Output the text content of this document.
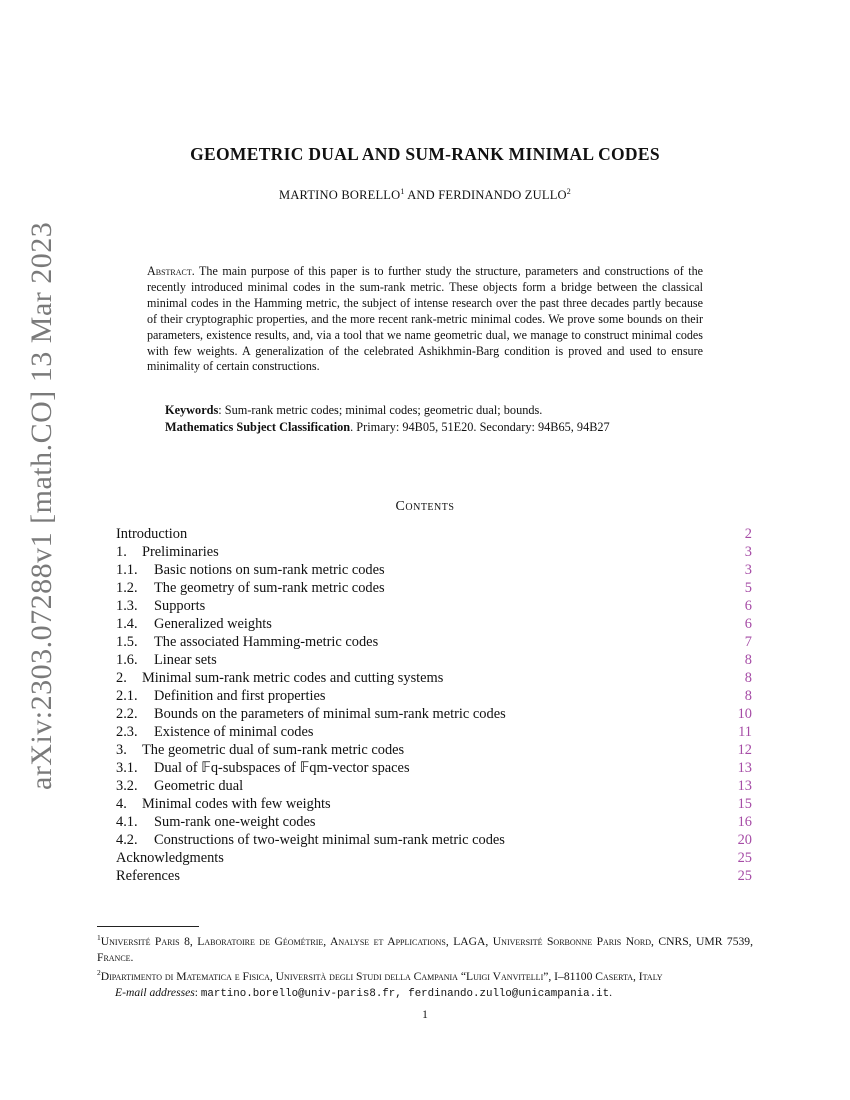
arXiv:2303.07288v1 [math.CO] 13 Mar 2023
GEOMETRIC DUAL AND SUM-RANK MINIMAL CODES
MARTINO BORELLO$^1$ AND FERDINANDO ZULLO$^2$
Abstract. The main purpose of this paper is to further study the structure, parameters and constructions of the recently introduced minimal codes in the sum-rank metric. These objects form a bridge between the classical minimal codes in the Hamming metric, the subject of intense research over the past three decades partly because of their cryptographic properties, and the more recent rank-metric minimal codes. We prove some bounds on their parameters, existence results, and, via a tool that we name geometric dual, we manage to construct minimal codes with few weights. A generalization of the celebrated Ashikhmin-Barg condition is proved and used to ensure minimality of certain constructions.
Keywords: Sum-rank metric codes; minimal codes; geometric dual; bounds.
Mathematics Subject Classification. Primary: 94B05, 51E20. Secondary: 94B65, 94B27
Contents
Introduction	2
1. Preliminaries	3
1.1. Basic notions on sum-rank metric codes	3
1.2. The geometry of sum-rank metric codes	5
1.3. Supports	6
1.4. Generalized weights	6
1.5. The associated Hamming-metric codes	7
1.6. Linear sets	8
2. Minimal sum-rank metric codes and cutting systems	8
2.1. Definition and first properties	8
2.2. Bounds on the parameters of minimal sum-rank metric codes	10
2.3. Existence of minimal codes	11
3. The geometric dual of sum-rank metric codes	12
3.1. Dual of 𝔽q-subspaces of 𝔽qm-vector spaces	13
3.2. Geometric dual	13
4. Minimal codes with few weights	15
4.1. Sum-rank one-weight codes	16
4.2. Constructions of two-weight minimal sum-rank metric codes	20
Acknowledgments	25
References	25
$^1$Université Paris 8, Laboratoire de Géométrie, Analyse et Applications, LAGA, Université Sorbonne Paris Nord, CNRS, UMR 7539, France.
$^2$Dipartimento di Matematica e Fisica, Università degli Studi della Campania “Luigi Vanvitelli”, I–81100 Caserta, Italy
E-mail addresses: martino.borello@univ-paris8.fr, ferdinando.zullo@unicampania.it.
1
